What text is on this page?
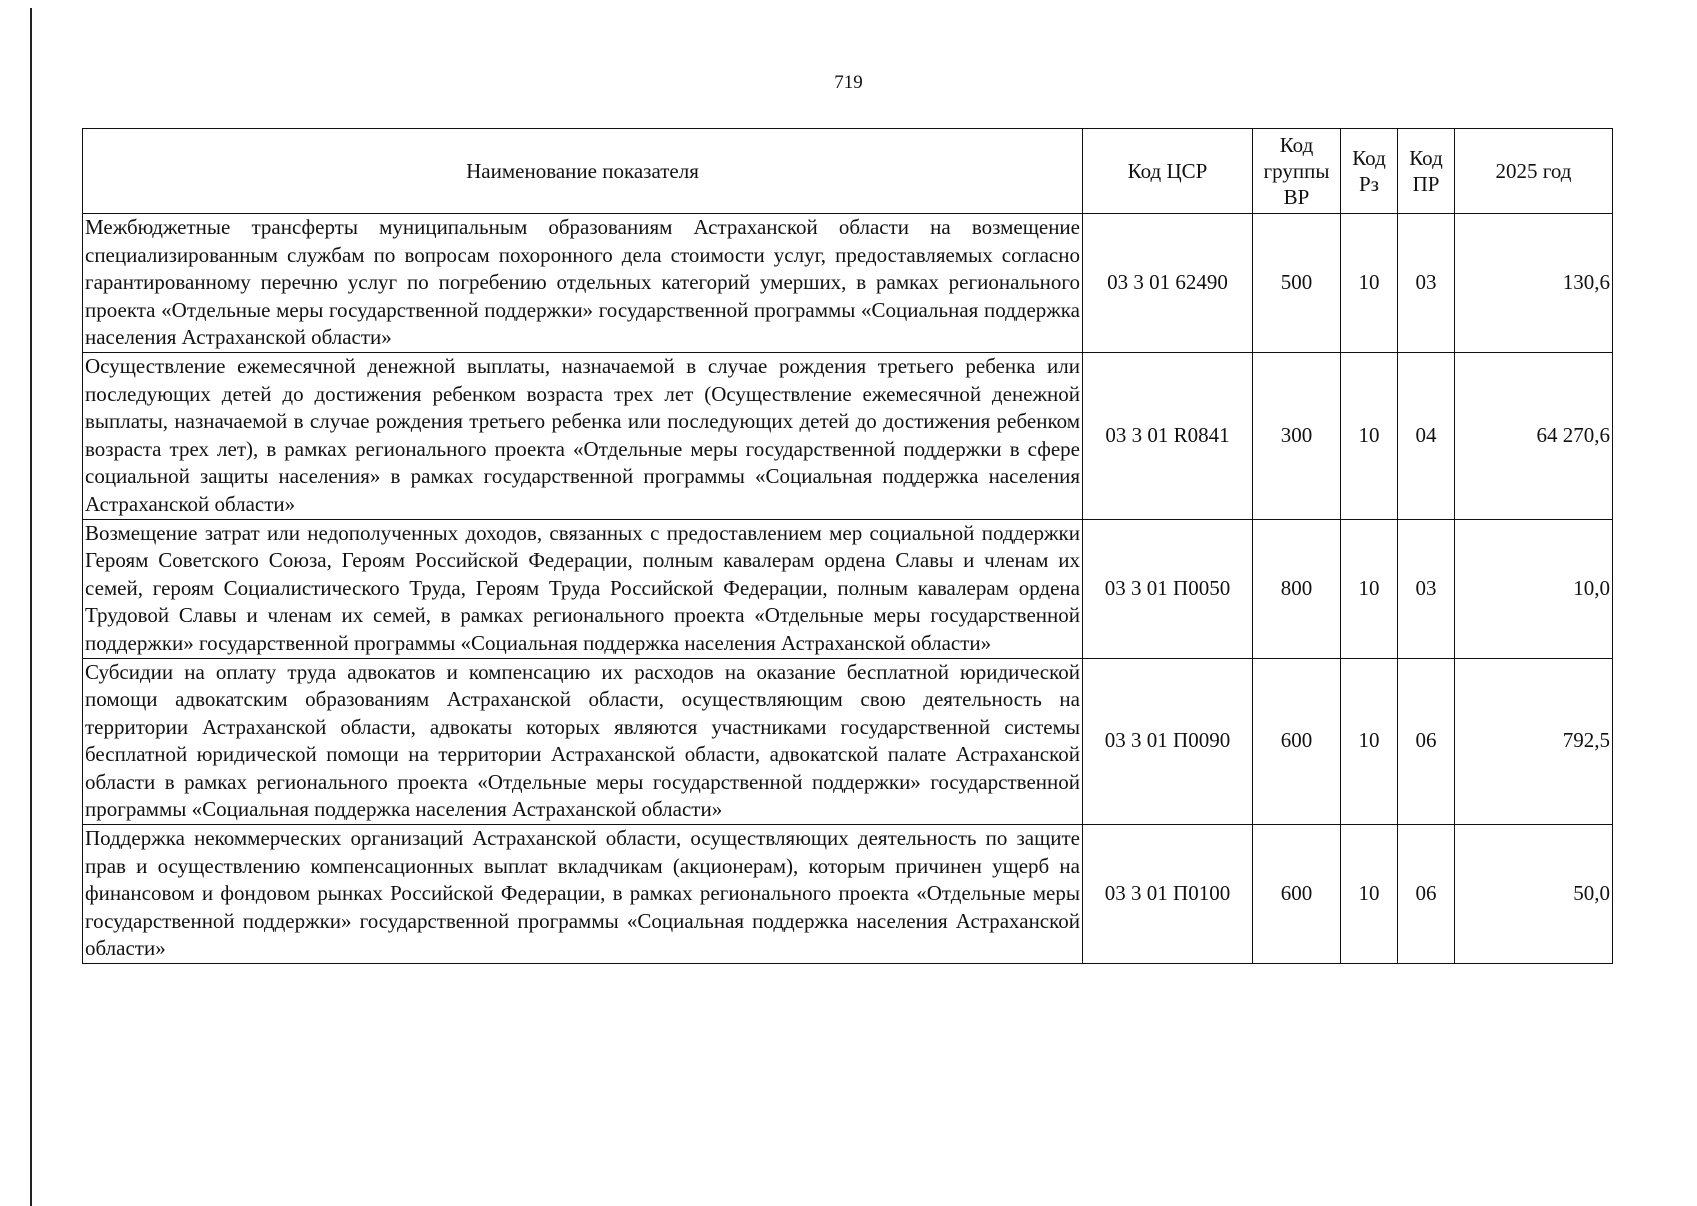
719
Наименование показателя	Код ЦСР	Код группы ВР	Код Рз	Код ПР	2025 год
Межбюджетные трансферты муниципальным образованиям Астраханской области на возмещение специализированным службам по вопросам похоронного дела стоимости услуг, предоставляемых согласно гарантированному перечню услуг по погребению отдельных категорий умерших, в рамках регионального проекта «Отдельные меры государственной поддержки» государственной программы «Социальная поддержка населения Астраханской области»	03 3 01 62490	500	10	03	130,6
Осуществление ежемесячной денежной выплаты, назначаемой в случае рождения третьего ребенка или последующих детей до достижения ребенком возраста трех лет (Осуществление ежемесячной денежной выплаты, назначаемой в случае рождения третьего ребенка или последующих детей до достижения ребенком возраста трех лет), в рамках регионального проекта «Отдельные меры государственной поддержки в сфере социальной защиты населения» в рамках государственной программы «Социальная поддержка населения Астраханской области»	03 3 01 R0841	300	10	04	64 270,6
Возмещение затрат или недополученных доходов, связанных с предоставлением мер социальной поддержки Героям Советского Союза, Героям Российской Федерации, полным кавалерам ордена Славы и членам их семей, героям Социалистического Труда, Героям Труда Российской Федерации, полным кавалерам ордена Трудовой Славы и членам их семей, в рамках регионального проекта «Отдельные меры государственной поддержки» государственной программы «Социальная поддержка населения Астраханской области»	03 3 01 П0050	800	10	03	10,0
Субсидии на оплату труда адвокатов и компенсацию их расходов на оказание бесплатной юридической помощи адвокатским образованиям Астраханской области, осуществляющим свою деятельность на территории Астраханской области, адвокаты которых являются участниками государственной системы бесплатной юридической помощи на территории Астраханской области, адвокатской палате Астраханской области в рамках регионального проекта «Отдельные меры государственной поддержки» государственной программы «Социальная поддержка населения Астраханской области»	03 3 01 П0090	600	10	06	792,5
Поддержка некоммерческих организаций Астраханской области, осуществляющих деятельность по защите прав и осуществлению компенсационных выплат вкладчикам (акционерам), которым причинен ущерб на финансовом и фондовом рынках Российской Федерации, в рамках регионального проекта «Отдельные меры государственной поддержки» государственной программы «Социальная поддержка населения Астраханской области»	03 3 01 П0100	600	10	06	50,0
